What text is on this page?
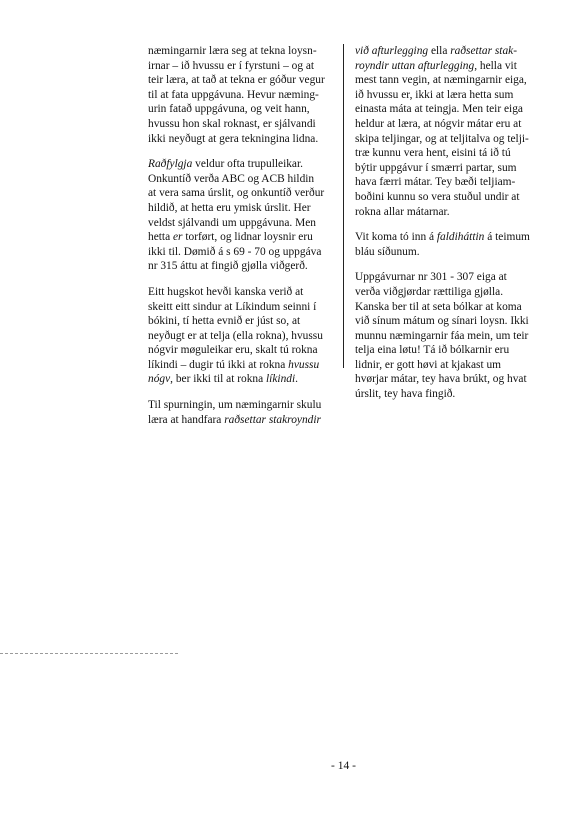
næmingarnir læra seg at tekna loysn-
irnar – ið hvussu er í fyrstuni – og at
teir læra, at tað at tekna er góður vegur
til at fata uppgávuna. Hevur næming-
urin fatað uppgávuna, og veit hann,
hvussu hon skal roknast, er sjálvandi
ikki neyðugt at gera tekningina lidna.

Raðfylgja veldur ofta trupulleikar.
Onkuntíð verða ABC og ACB hildin
at vera sama úrslit, og onkuntíð verður
hildið, at hetta eru ymisk úrslit. Her
veldst sjálvandi um uppgávuna. Men
hetta er torført, og lidnar loysnir eru
ikki til. Dømið á s 69 - 70 og uppgáva
nr 315 áttu at fingið gjølla viðgerð.

Eitt hugskot hevði kanska verið at
skeitt eitt sindur at Líkindum seinni í
bókini, tí hetta evnið er júst so, at
neyðugt er at telja (ella rokna), hvussu
nógvir møguleikar eru, skalt tú rokna
líkindi – dugir tú ikki at rokna hvussu
nógv, ber ikki til at rokna líkindi.

Til spurningin, um næmingarnir skulu
læra at handfara raðsettar stakroyndir

við afturlegging ella raðsettar stak-
royndir uttan afturlegging, hella vit
mest tann vegin, at næmingarnir eiga,
ið hvussu er, ikki at læra hetta sum
einasta máta at teingja. Men teir eiga
heldur at læra, at nógvir mátar eru at
skipa teljingar, og at teljitalva og telji-
træ kunnu vera hent, eisini tá ið tú
býtir uppgávur í smærri partar, sum
hava færri mátar. Tey bæði teljiam-
boðini kunnu so vera stuðul undir at
rokna allar mátarnar.

Vit koma tó inn á faldiháttin á teimum
bláu síðunum.

Uppgávurnar nr 301 - 307 eiga at
verða viðgjørdar rættiliga gjølla.
Kanska ber til at seta bólkar at koma
við sínum mátum og sínari loysn. Ikki
munnu næmingarnir fáa mein, um teir
telja eina løtu! Tá ið bólkarnir eru
lidnir, er gott høvi at kjakast um
hvørjar mátar, tey hava brúkt, og hvat
úrslit, tey hava fingið.

- 14 -
